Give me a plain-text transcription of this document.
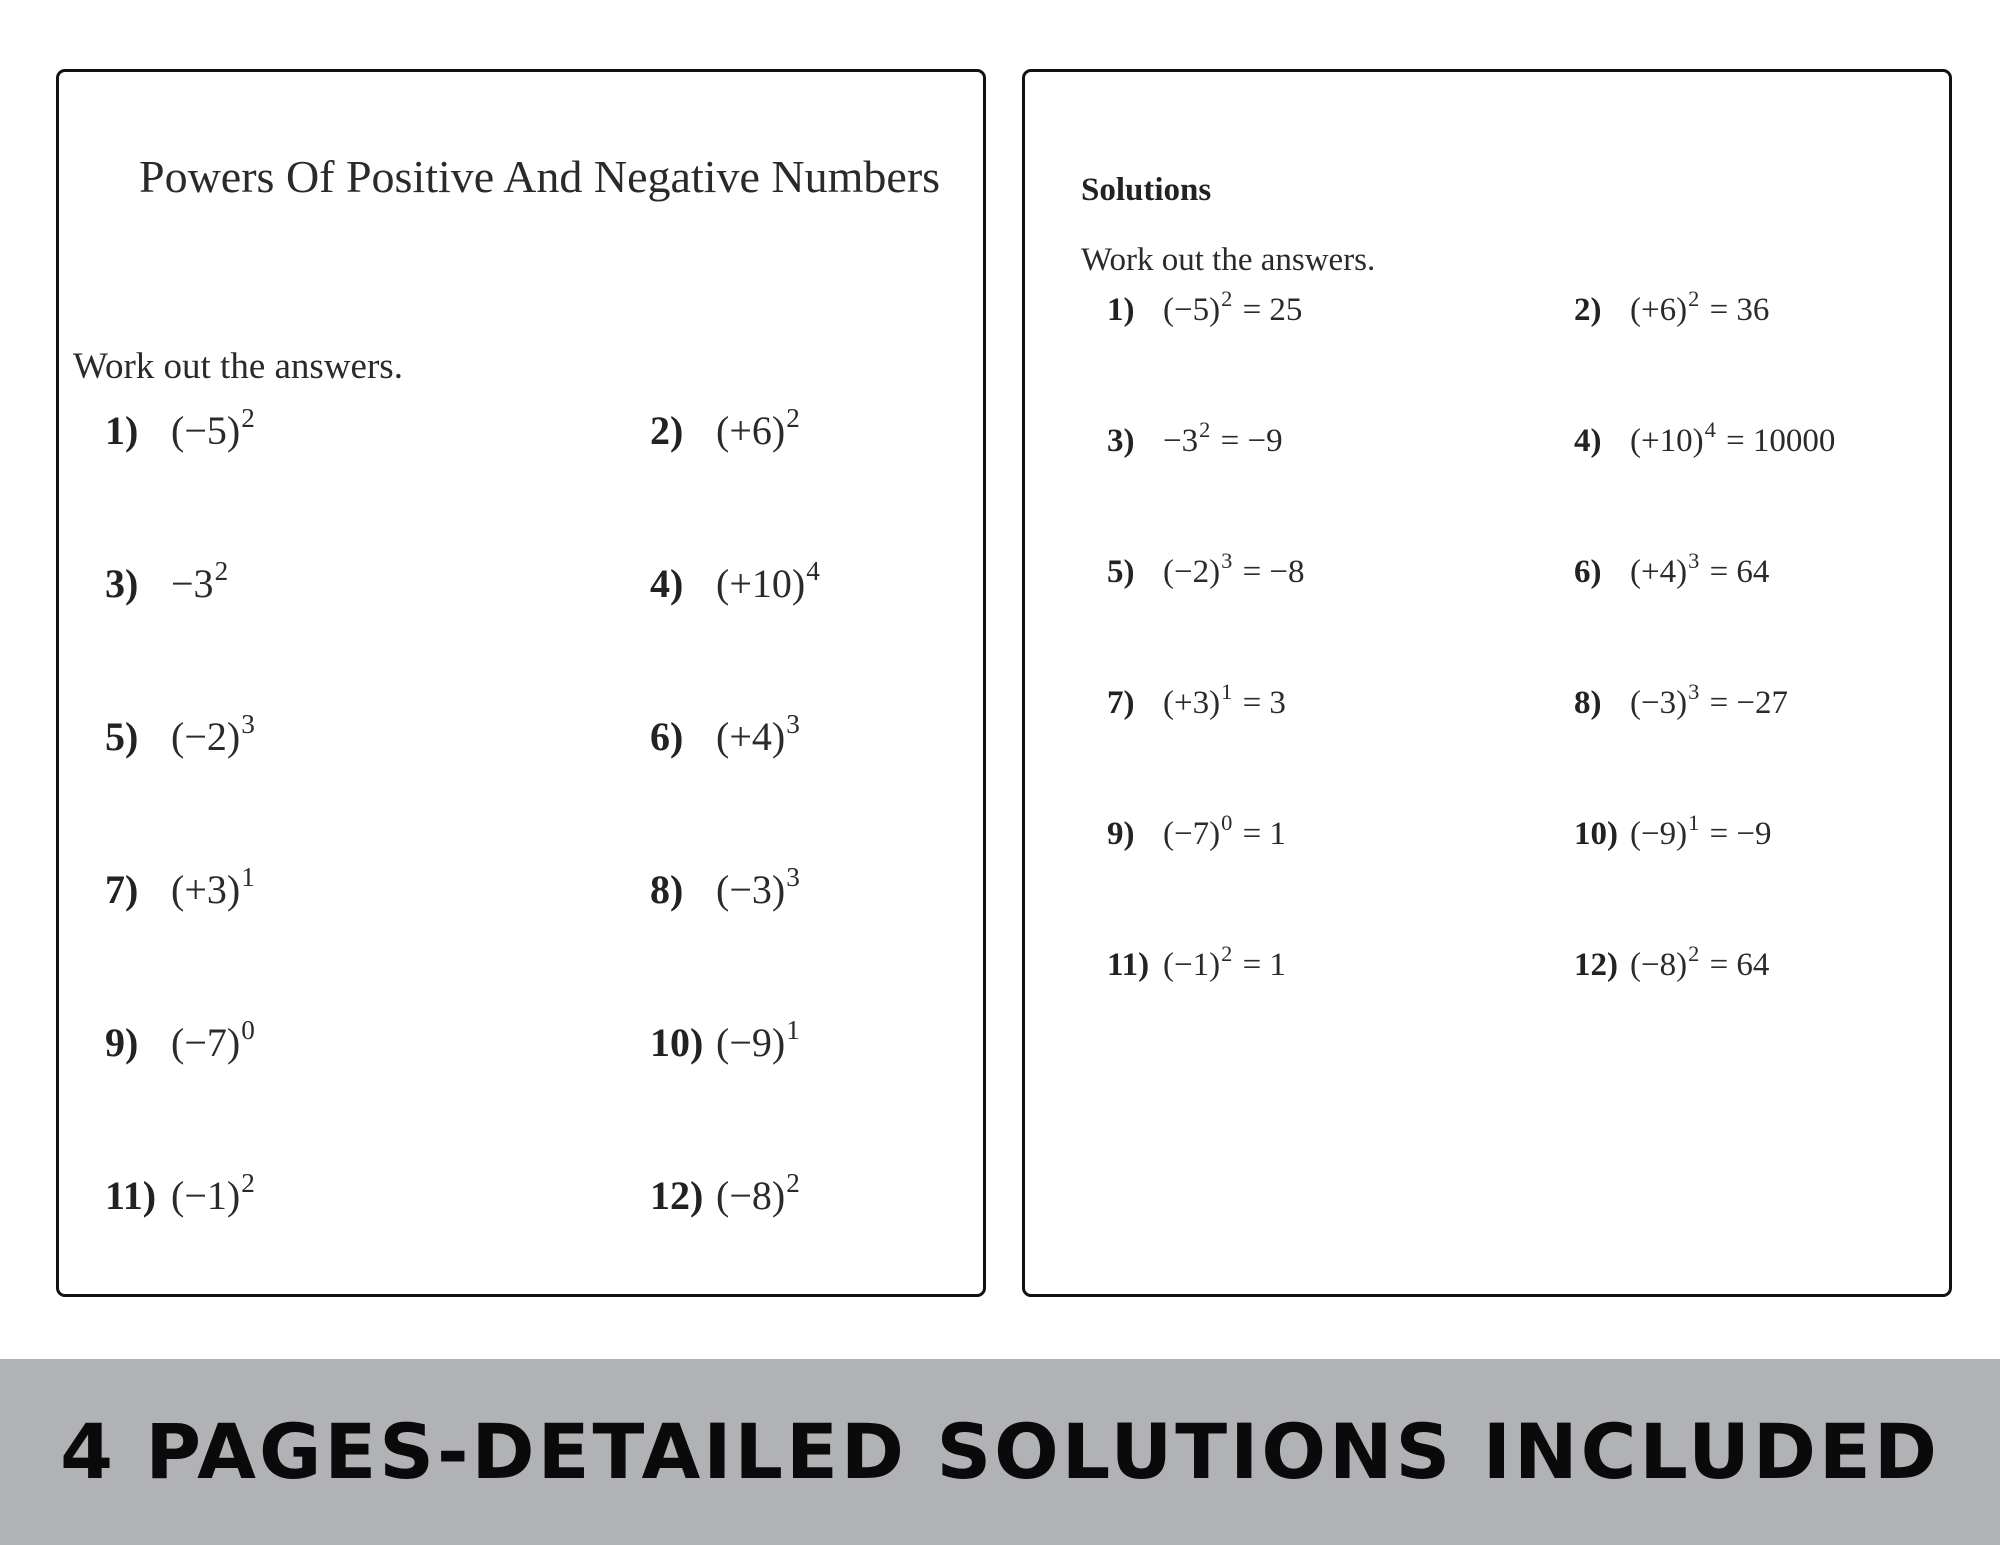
Powers Of Positive And Negative Numbers
Work out the answers.
1) $(-5)^2$	2) $(+6)^2$
$3) -3^2$	4) $(+10)^4$
5) $(-2)^3$	6) $(+4)^3$
7) $(+3)^1$	8) $(-3)^3$
9) $(-7)^0$	10) $(-9)^1$
11) $(-1)^2$	12) $(-8)^2$
Solutions
Work out the answers.
1) $(-5)^2 = 25$	2) $(+6)^2 = 36$
$3) -3^2 = -9$	4) $(+10)^4 = 10000$
5) $(-2)^3 = -8$	6) $(+4)^3 = 64$
7) $(+3)^1 = 3$	8) $(-3)^3 = -27$
9) $(-7)^0 = 1$	10) $(-9)^1 = -9$
11) $(-1)^2 = 1$	12) $(-8)^2 = 64$
4 PAGES-DETAILED SOLUTIONS INCLUDED
